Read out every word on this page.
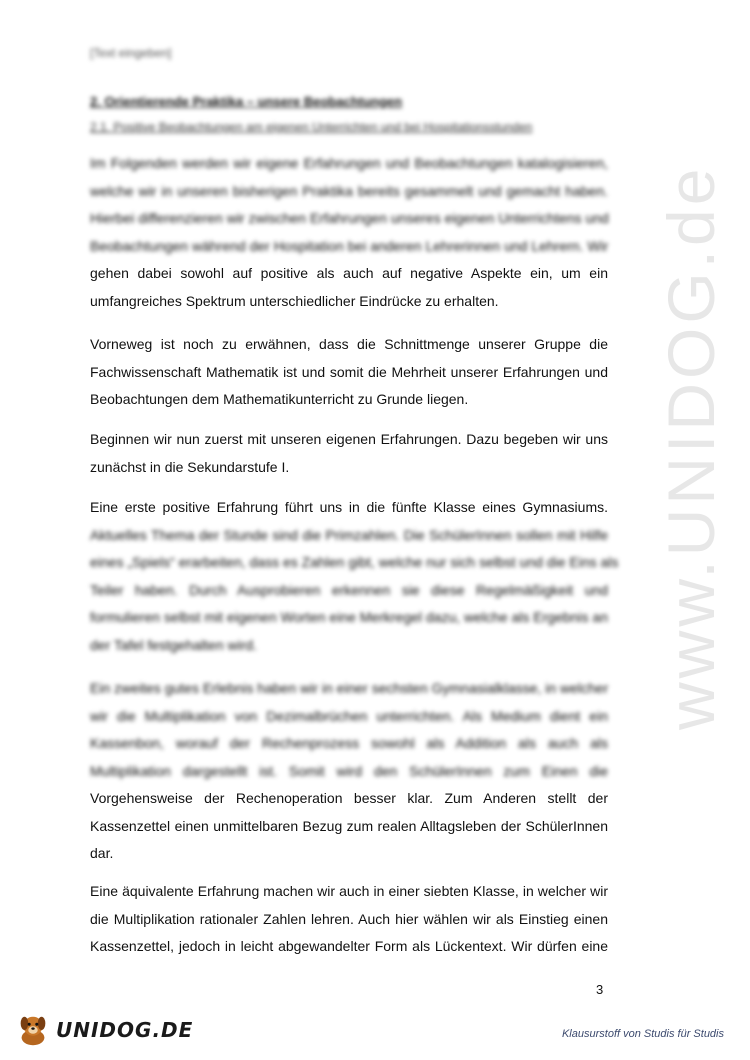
[Text eingeben]
2. Orientierende Praktika – unsere Beobachtungen
2.1. Positive Beobachtungen am eigenen Unterrichten und bei Hospitationsstunden
Im Folgenden werden wir eigene Erfahrungen und Beobachtungen katalogisieren,
welche wir in unseren bisherigen Praktika bereits gesammelt und gemacht haben.
Hierbei differenzieren wir zwischen Erfahrungen unseres eigenen Unterrichtens und
Beobachtungen während der Hospitation bei anderen Lehrerinnen und Lehrern. Wir
gehen dabei sowohl auf positive als auch auf negative Aspekte ein, um ein
umfangreiches Spektrum unterschiedlicher Eindrücke zu erhalten.
Vorneweg ist noch zu erwähnen, dass die Schnittmenge unserer Gruppe die
Fachwissenschaft Mathematik ist und somit die Mehrheit unserer Erfahrungen und
Beobachtungen dem Mathematikunterricht zu Grunde liegen.
Beginnen wir nun zuerst mit unseren eigenen Erfahrungen. Dazu begeben wir uns
zunächst in die Sekundarstufe I.
Eine erste positive Erfahrung führt uns in die fünfte Klasse eines Gymnasiums.
Aktuelles Thema der Stunde sind die Primzahlen. Die SchülerInnen sollen mit Hilfe
eines „Spiels“ erarbeiten, dass es Zahlen gibt, welche nur sich selbst und die Eins als
Teiler haben. Durch Ausprobieren erkennen sie diese Regelmäßigkeit und
formulieren selbst mit eigenen Worten eine Merkregel dazu, welche als Ergebnis an
der Tafel festgehalten wird.
Ein zweites gutes Erlebnis haben wir in einer sechsten Gymnasialklasse, in welcher
wir die Multiplikation von Dezimalbrüchen unterrichten. Als Medium dient ein
Kassenbon, worauf der Rechenprozess sowohl als Addition als auch als
Multiplikation dargestellt ist. Somit wird den SchülerInnen zum Einen die
Vorgehensweise der Rechenoperation besser klar. Zum Anderen stellt der
Kassenzettel einen unmittelbaren Bezug zum realen Alltagsleben der SchülerInnen
dar.
Eine äquivalente Erfahrung machen wir auch in einer siebten Klasse, in welcher wir
die Multiplikation rationaler Zahlen lehren. Auch hier wählen wir als Einstieg einen
Kassenzettel, jedoch in leicht abgewandelter Form als Lückentext. Wir dürfen eine
3
www.UNIDOG.de
UNIDOG.DE	Klausurstoff von Studis für Studis
